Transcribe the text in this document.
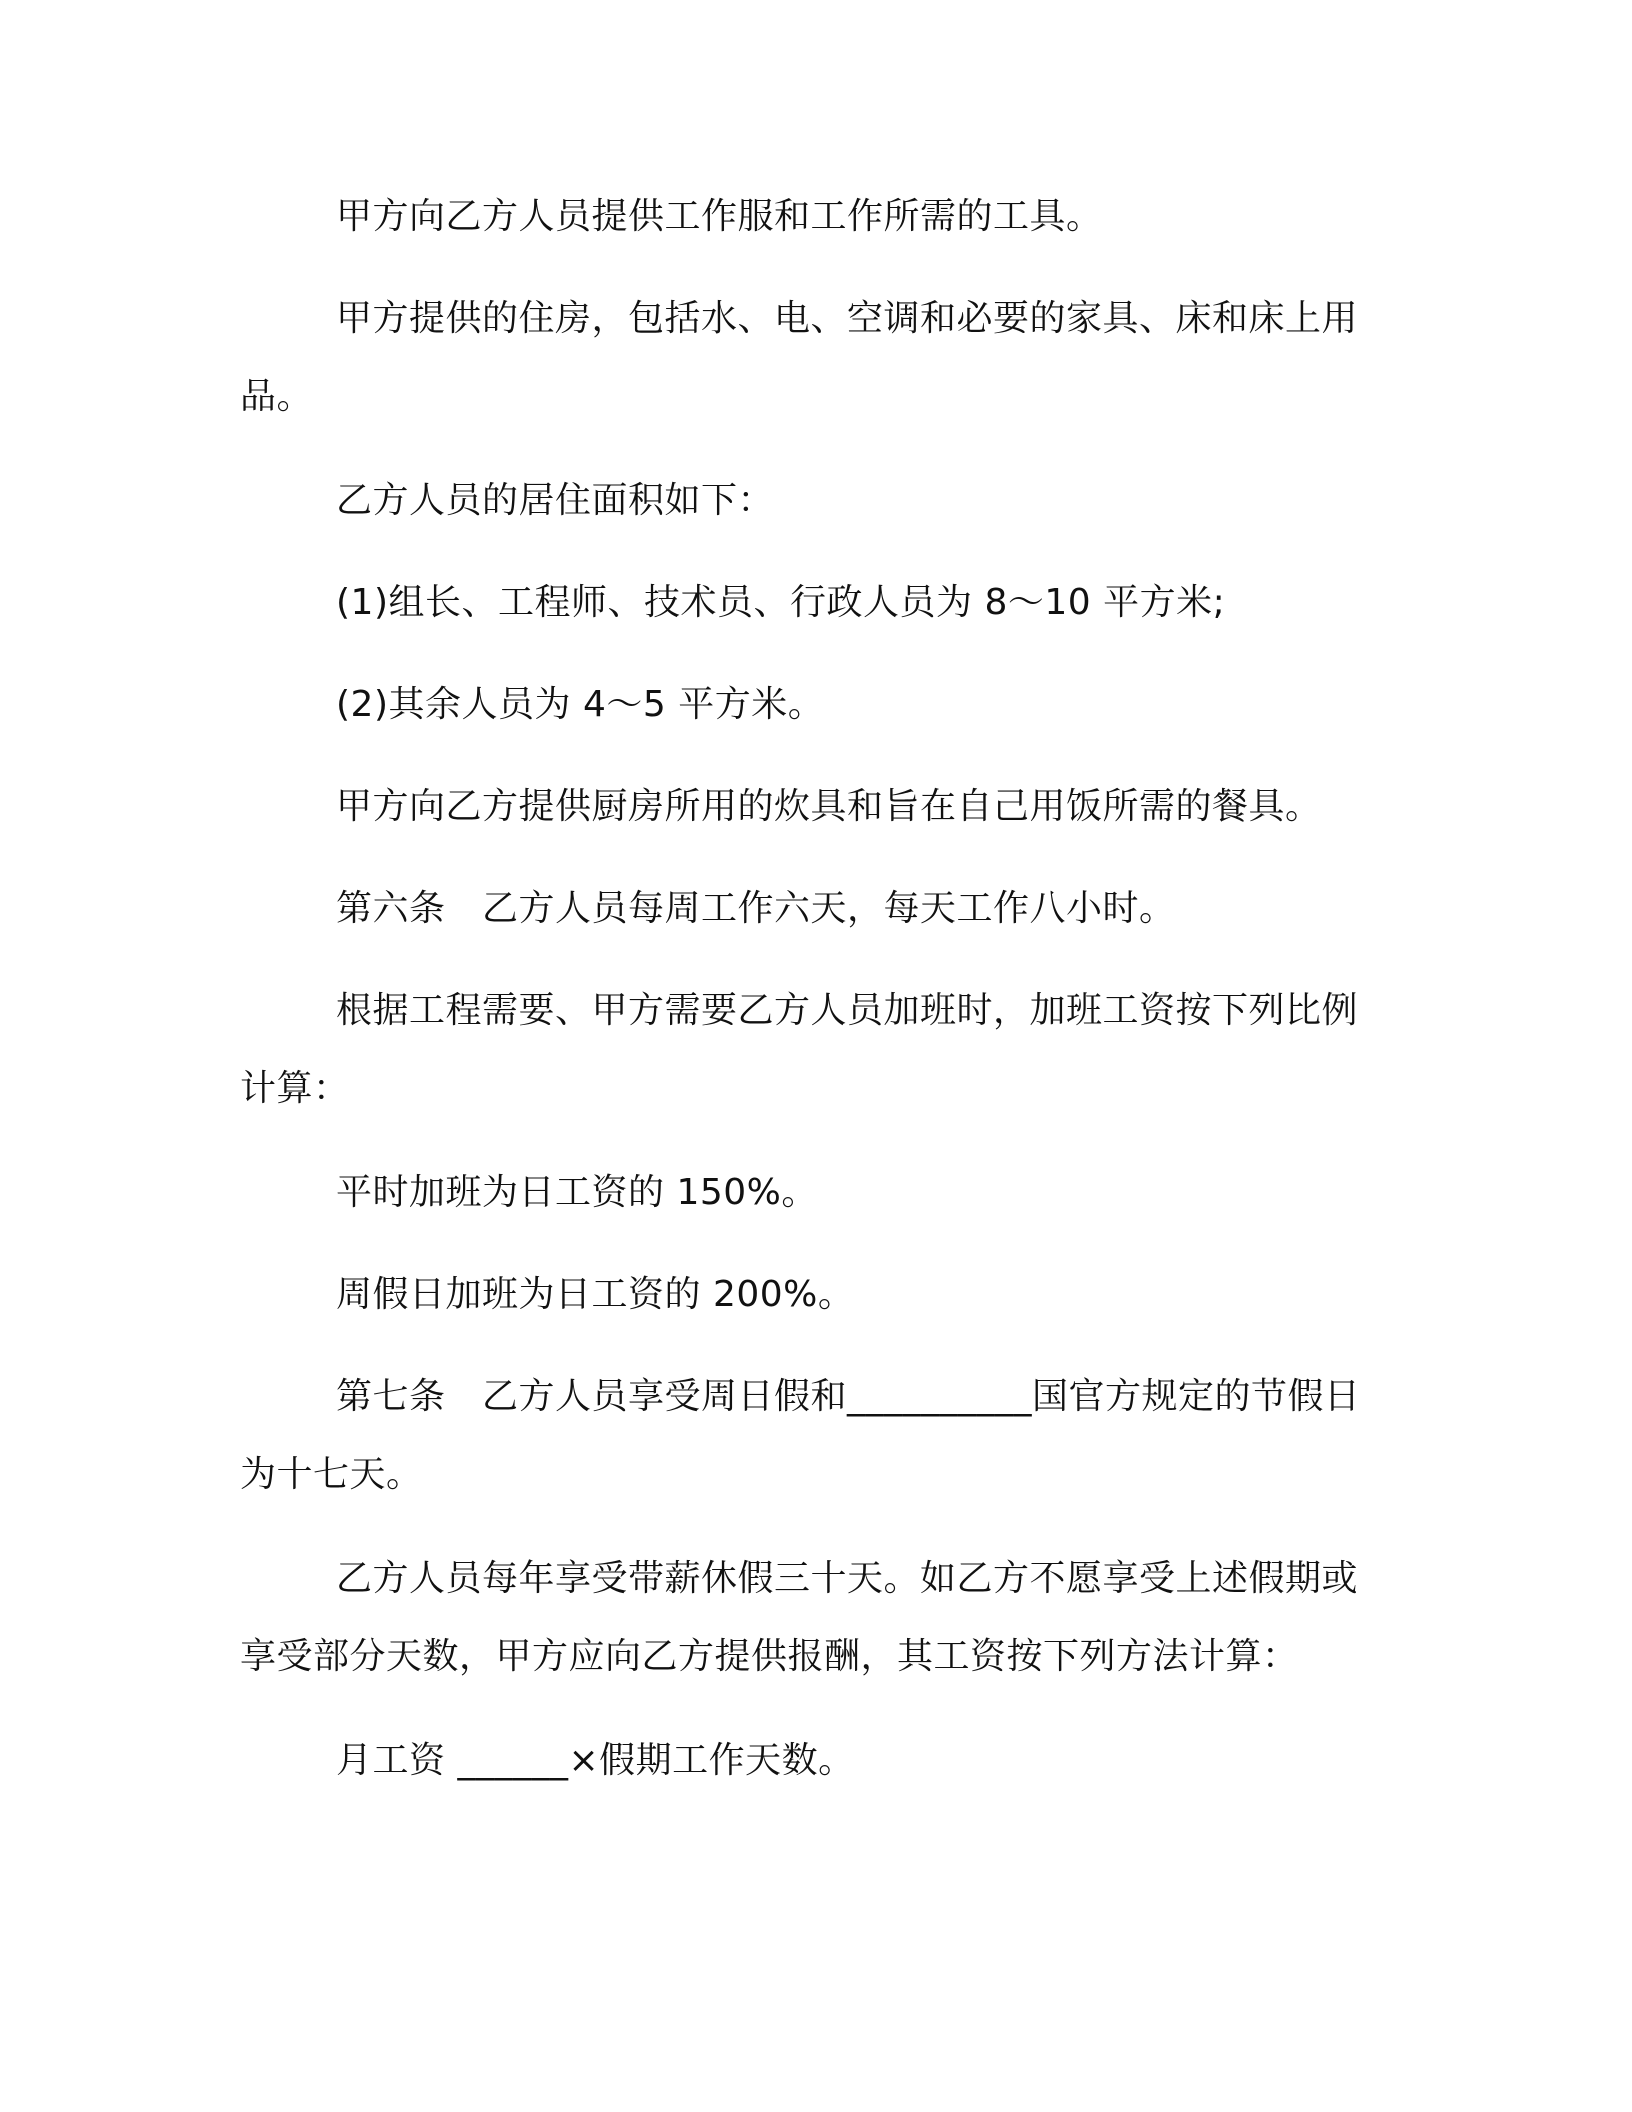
甲方向乙方人员提供工作服和工作所需的工具。

甲方提供的住房，包括水、电、空调和必要的家具、床和床上用品。

乙方人员的居住面积如下：

(1)组长、工程师、技术员、行政人员为 8～10 平方米;

(2)其余人员为 4～5 平方米。

甲方向乙方提供厨房所用的炊具和旨在自己用饭所需的餐具。

第六条　乙方人员每周工作六天，每天工作八小时。

根据工程需要、甲方需要乙方人员加班时，加班工资按下列比例计算：

平时加班为日工资的 150%。

周假日加班为日工资的 200%。

第七条　乙方人员享受周日假和__________国官方规定的节假日为十七天。

乙方人员每年享受带薪休假三十天。如乙方不愿享受上述假期或享受部分天数，甲方应向乙方提供报酬，其工资按下列方法计算：

月工资 ______×假期工作天数。
